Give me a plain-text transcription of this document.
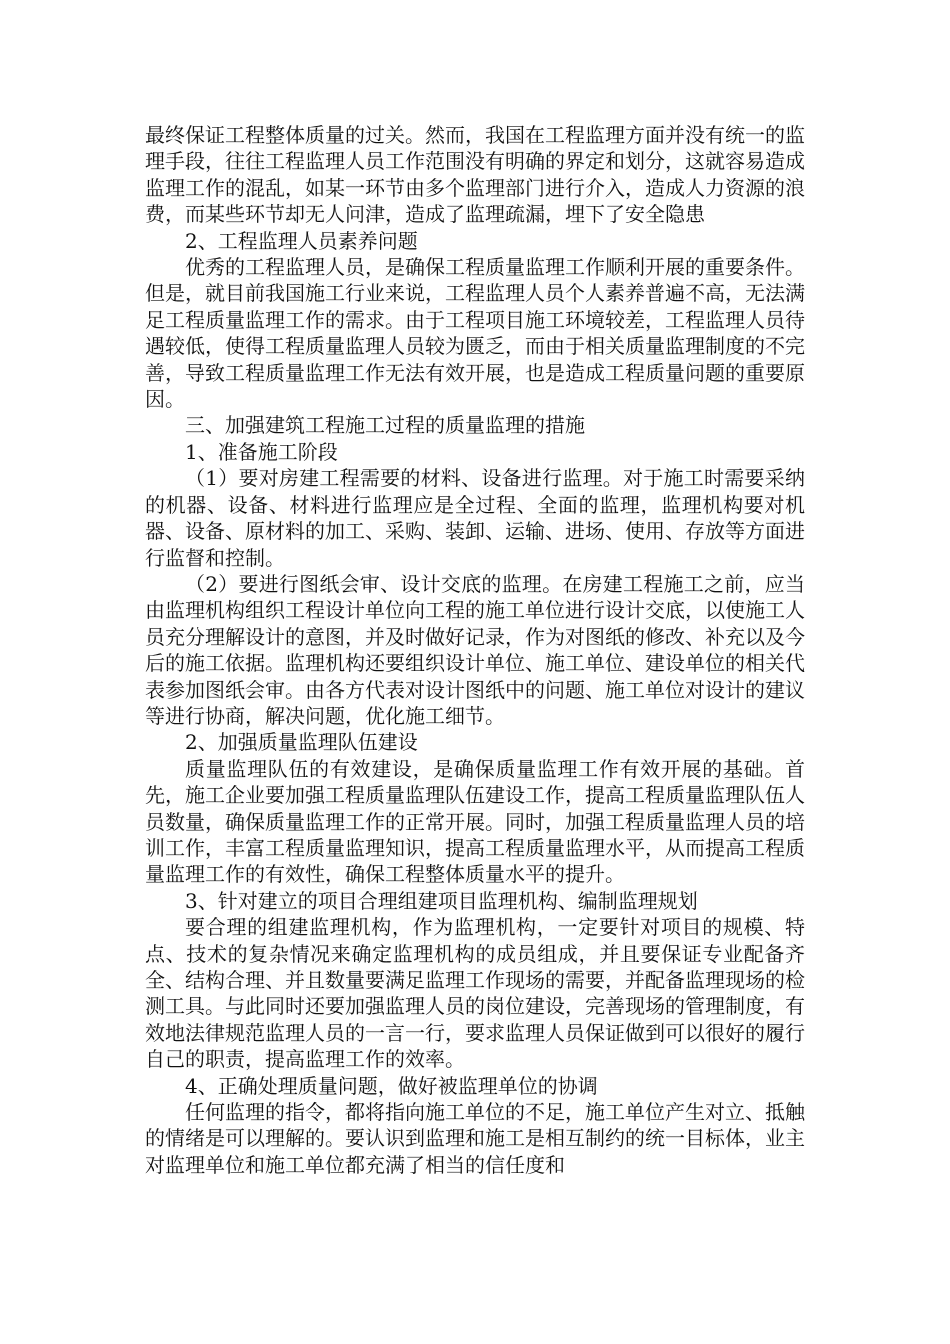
最终保证工程整体质量的过关。然而，我国在工程监理方面并没有统一的监理手段，往往工程监理人员工作范围没有明确的界定和划分，这就容易造成监理工作的混乱，如某一环节由多个监理部门进行介入，造成人力资源的浪费，而某些环节却无人问津，造成了监理疏漏，埋下了安全隐患

2、工程监理人员素养问题

优秀的工程监理人员，是确保工程质量监理工作顺利开展的重要条件。但是，就目前我国施工行业来说，工程监理人员个人素养普遍不高，无法满足工程质量监理工作的需求。由于工程项目施工环境较差，工程监理人员待遇较低，使得工程质量监理人员较为匮乏，而由于相关质量监理制度的不完善，导致工程质量监理工作无法有效开展，也是造成工程质量问题的重要原因。

三、加强建筑工程施工过程的质量监理的措施

1、准备施工阶段

（1）要对房建工程需要的材料、设备进行监理。对于施工时需要采纳的机器、设备、材料进行监理应是全过程、全面的监理，监理机构要对机器、设备、原材料的加工、采购、装卸、运输、进场、使用、存放等方面进行监督和控制。

（2）要进行图纸会审、设计交底的监理。在房建工程施工之前，应当由监理机构组织工程设计单位向工程的施工单位进行设计交底，以使施工人员充分理解设计的意图，并及时做好记录，作为对图纸的修改、补充以及今后的施工依据。监理机构还要组织设计单位、施工单位、建设单位的相关代表参加图纸会审。由各方代表对设计图纸中的问题、施工单位对设计的建议等进行协商，解决问题，优化施工细节。

2、加强质量监理队伍建设

质量监理队伍的有效建设，是确保质量监理工作有效开展的基础。首先，施工企业要加强工程质量监理队伍建设工作，提高工程质量监理队伍人员数量，确保质量监理工作的正常开展。同时，加强工程质量监理人员的培训工作，丰富工程质量监理知识，提高工程质量监理水平，从而提高工程质量监理工作的有效性，确保工程整体质量水平的提升。

3、针对建立的项目合理组建项目监理机构、编制监理规划

要合理的组建监理机构，作为监理机构，一定要针对项目的规模、特点、技术的复杂情况来确定监理机构的成员组成，并且要保证专业配备齐全、结构合理、并且数量要满足监理工作现场的需要，并配备监理现场的检测工具。与此同时还要加强监理人员的岗位建设，完善现场的管理制度，有效地法律规范监理人员的一言一行，要求监理人员保证做到可以很好的履行自己的职责，提高监理工作的效率。

4、正确处理质量问题，做好被监理单位的协调

任何监理的指令，都将指向施工单位的不足，施工单位产生对立、抵触的情绪是可以理解的。要认识到监理和施工是相互制约的统一目标体，业主对监理单位和施工单位都充满了相当的信任度和
